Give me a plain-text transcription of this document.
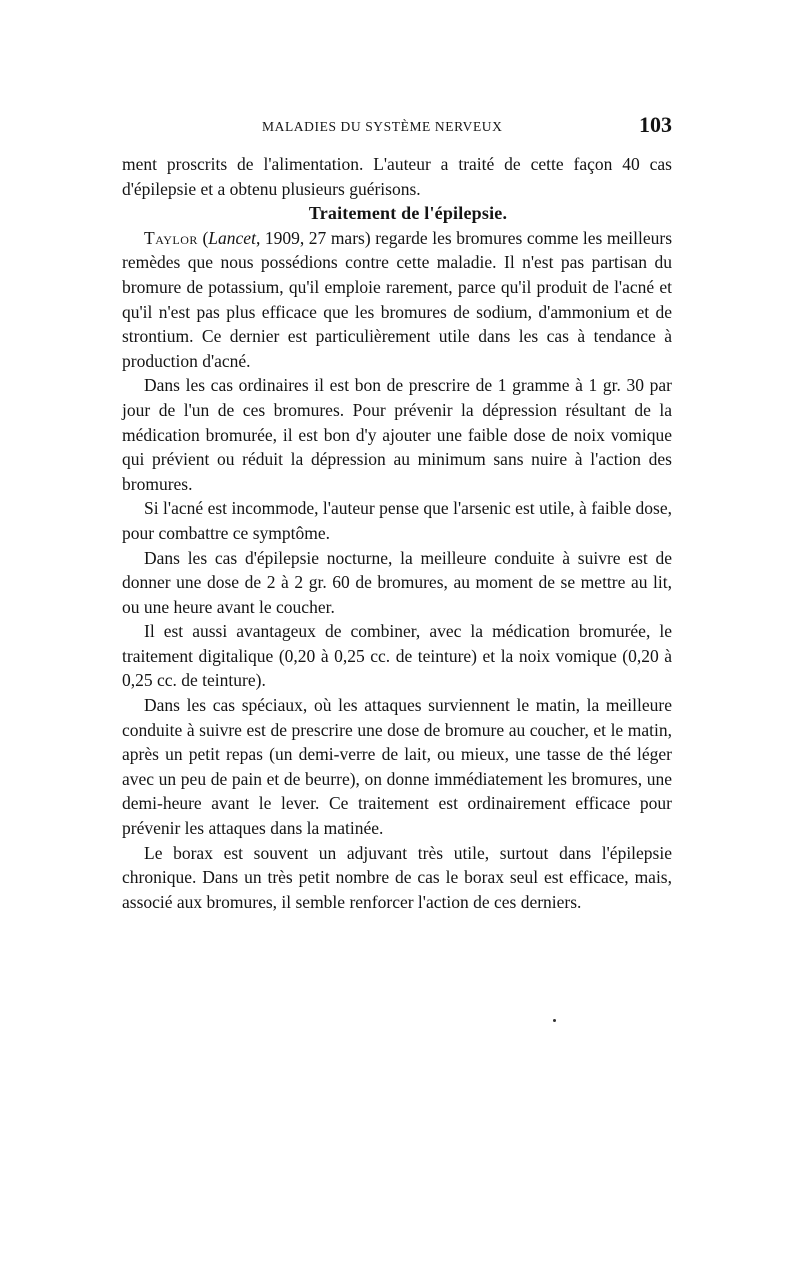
MALADIES DU SYSTÈME NERVEUX	103

ment proscrits de l'alimentation. L'auteur a traité de cette façon 40 cas d'épilepsie et a obtenu plusieurs guérisons.

Traitement de l'épilepsie.

Taylor (Lancet, 1909, 27 mars) regarde les bromures comme les meilleurs remèdes que nous possédions contre cette maladie. Il n'est pas partisan du bromure de potassium, qu'il emploie rarement, parce qu'il produit de l'acné et qu'il n'est pas plus efficace que les bromures de sodium, d'ammonium et de strontium. Ce dernier est particulièrement utile dans les cas à tendance à production d'acné.

Dans les cas ordinaires il est bon de prescrire de 1 gramme à 1 gr. 30 par jour de l'un de ces bromures. Pour prévenir la dépression résultant de la médication bromurée, il est bon d'y ajouter une faible dose de noix vomique qui prévient ou réduit la dépression au minimum sans nuire à l'action des bromures.

Si l'acné est incommode, l'auteur pense que l'arsenic est utile, à faible dose, pour combattre ce symptôme.

Dans les cas d'épilepsie nocturne, la meilleure conduite à suivre est de donner une dose de 2 à 2 gr. 60 de bromures, au moment de se mettre au lit, ou une heure avant le coucher.

Il est aussi avantageux de combiner, avec la médication bromurée, le traitement digitalique (0,20 à 0,25 cc. de teinture) et la noix vomique (0,20 à 0,25 cc. de teinture).

Dans les cas spéciaux, où les attaques surviennent le matin, la meilleure conduite à suivre est de prescrire une dose de bromure au coucher, et le matin, après un petit repas (un demi-verre de lait, ou mieux, une tasse de thé léger avec un peu de pain et de beurre), on donne immédiatement les bromures, une demi-heure avant le lever. Ce traitement est ordinairement efficace pour prévenir les attaques dans la matinée.

Le borax est souvent un adjuvant très utile, surtout dans l'épilepsie chronique. Dans un très petit nombre de cas le borax seul est efficace, mais, associé aux bromures, il semble renforcer l'action de ces derniers.
